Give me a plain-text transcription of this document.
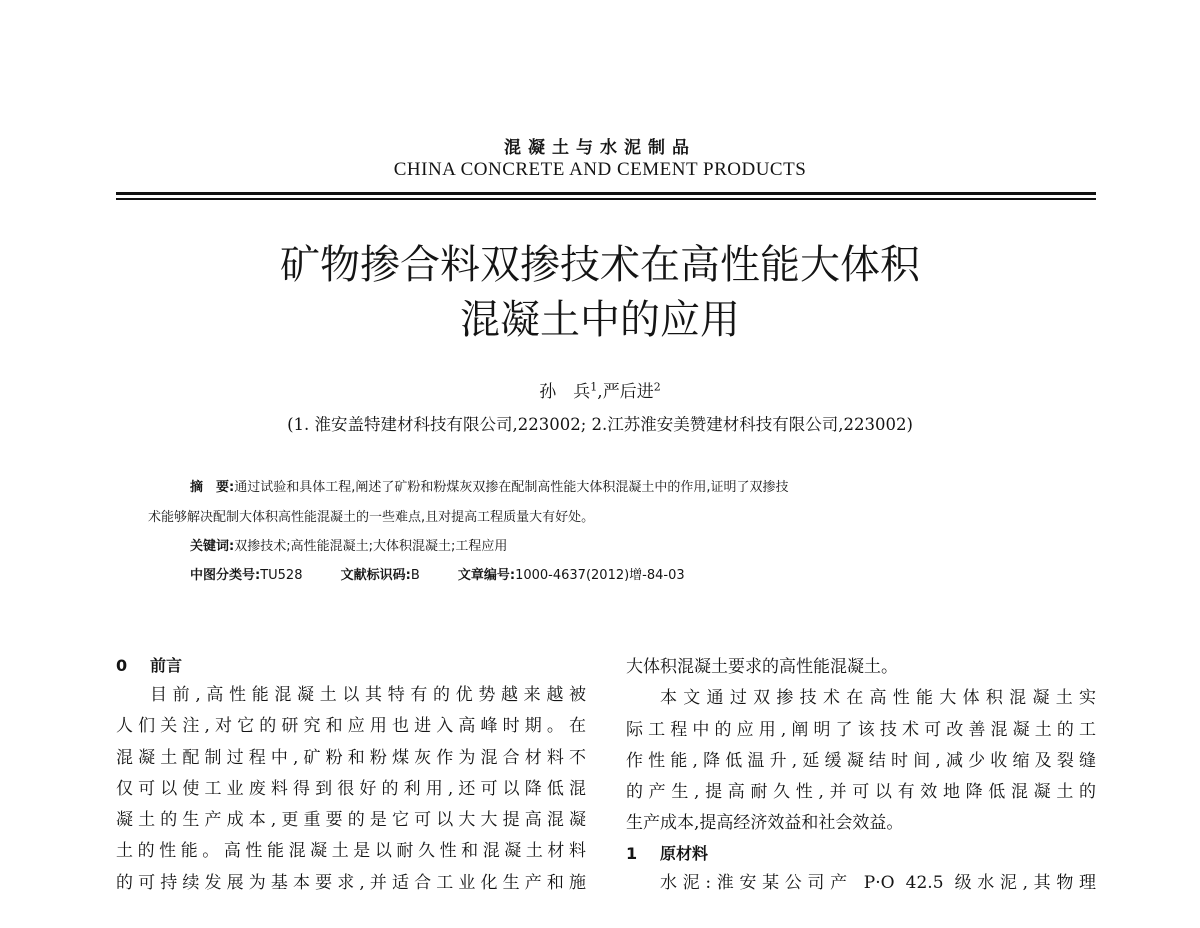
混凝土与水泥制品
CHINA CONCRETE AND CEMENT PRODUCTS
矿物掺合料双掺技术在高性能大体积
混凝土中的应用
孙　兵$^1$,严后进$^2$
(1. 淮安盖特建材科技有限公司,223002; 2.江苏淮安美赞建材科技有限公司,223002)
摘　要:通过试验和具体工程,阐述了矿粉和粉煤灰双掺在配制高性能大体积混凝土中的作用,证明了双掺技
术能够解决配制大体积高性能混凝土的一些难点,且对提高工程质量大有好处。
关键词:双掺技术;高性能混凝土;大体积混凝土;工程应用
中图分类号:TU528	文献标识码:B	文章编号:1000-4637(2012)增-84-03
0 前言
目前,高性能混凝土以其特有的优势越来越被
人们关注,对它的研究和应用也进入高峰时期。在
混凝土配制过程中,矿粉和粉煤灰作为混合材料不
仅可以使工业废料得到很好的利用,还可以降低混
凝土的生产成本,更重要的是它可以大大提高混凝
土的性能。高性能混凝土是以耐久性和混凝土材料
的可持续发展为基本要求,并适合工业化生产和施
大体积混凝土要求的高性能混凝土。
本文通过双掺技术在高性能大体积混凝土实
际工程中的应用,阐明了该技术可改善混凝土的工
作性能,降低温升,延缓凝结时间,减少收缩及裂缝
的产生,提高耐久性,并可以有效地降低混凝土的
生产成本,提高经济效益和社会效益。
1 原材料
水泥:淮安某公司产 P·O 42.5 级水泥,其物理
